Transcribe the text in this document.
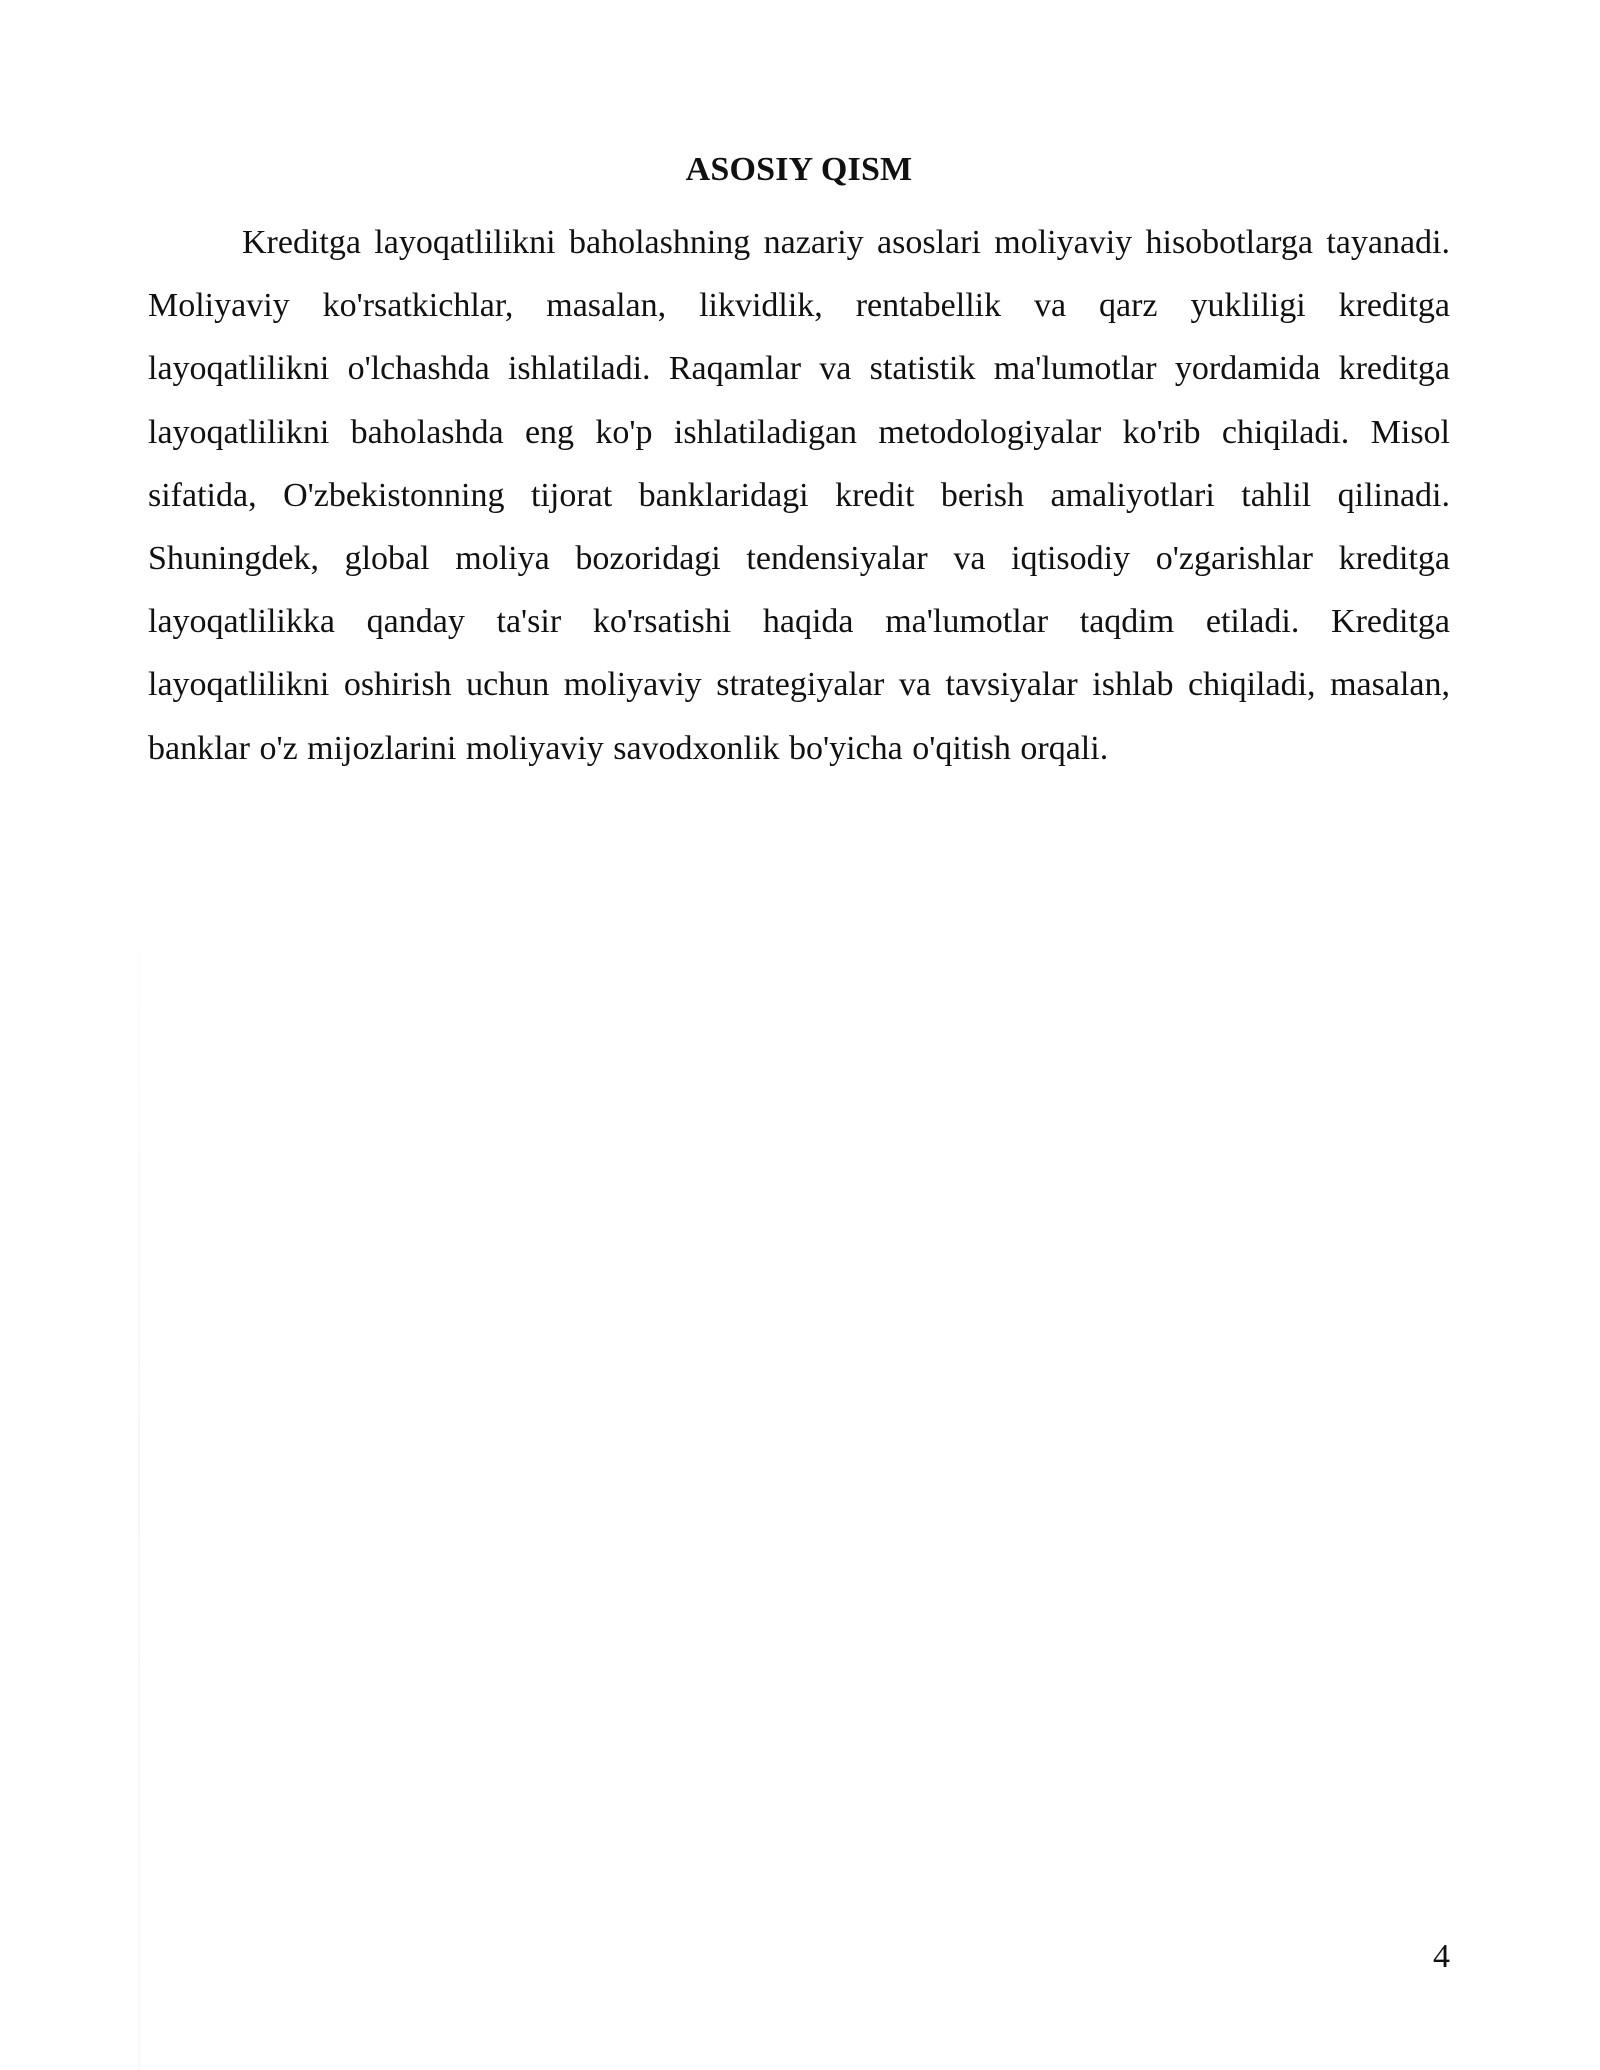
ASOSIY QISM

Kreditga layoqatlilikni baholashning nazariy asoslari moliyaviy hisobotlarga tayanadi. Moliyaviy ko'rsatkichlar, masalan, likvidlik, rentabellik va qarz yukliligi kreditga layoqatlilikni o'lchashda ishlatiladi. Raqamlar va statistik ma'lumotlar yordamida kreditga layoqatlilikni baholashda eng ko'p ishlatiladigan metodologiyalar ko'rib chiqiladi. Misol sifatida, O'zbekistonning tijorat banklaridagi kredit berish amaliyotlari tahlil qilinadi. Shuningdek, global moliya bozoridagi tendensiyalar va iqtisodiy o'zgarishlar kreditga layoqatlilikka qanday ta'sir ko'rsatishi haqida ma'lumotlar taqdim etiladi. Kreditga layoqatlilikni oshirish uchun moliyaviy strategiyalar va tavsiyalar ishlab chiqiladi, masalan, banklar o'z mijozlarini moliyaviy savodxonlik bo'yicha o'qitish orqali.

4
